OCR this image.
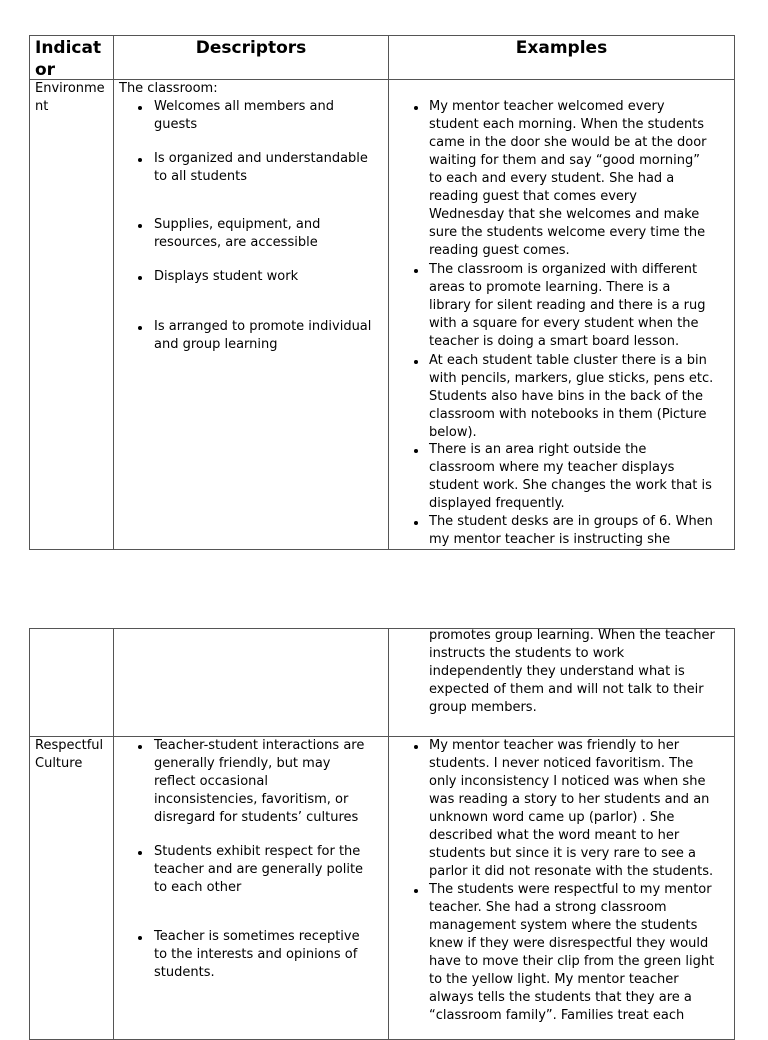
Indicat
or
Descriptors	Examples
Environme
nt
The classroom:
Welcomes all members and
guests
Is organized and understandable
to all students
Supplies, equipment, and
resources, are accessible
Displays student work
Is arranged to promote individual
and group learning
My mentor teacher welcomed every
student each morning. When the students
came in the door she would be at the door
waiting for them and say “good morning”
to each and every student. She had a
reading guest that comes every
Wednesday that she welcomes and make
sure the students welcome every time the
reading guest comes.
The classroom is organized with different
areas to promote learning. There is a
library for silent reading and there is a rug
with a square for every student when the
teacher is doing a smart board lesson.
At each student table cluster there is a bin
with pencils, markers, glue sticks, pens etc.
Students also have bins in the back of the
classroom with notebooks in them (Picture
below).
There is an area right outside the
classroom where my teacher displays
student work. She changes the work that is
displayed frequently.
The student desks are in groups of 6. When
my mentor teacher is instructing she
Respectful
Culture
promotes group learning. When the teacher
instructs the students to work
independently they understand what is
expected of them and will not talk to their
group members.
Teacher-student interactions are
generally friendly, but may
reflect occasional
inconsistencies, favoritism, or
disregard for students’ cultures
Students exhibit respect for the
teacher and are generally polite
to each other
Teacher is sometimes receptive
to the interests and opinions of
students.
My mentor teacher was friendly to her
students. I never noticed favoritism. The
only inconsistency I noticed was when she
was reading a story to her students and an
unknown word came up (parlor) . She
described what the word meant to her
students but since it is very rare to see a
parlor it did not resonate with the students.
The students were respectful to my mentor
teacher. She had a strong classroom
management system where the students
knew if they were disrespectful they would
have to move their clip from the green light
to the yellow light. My mentor teacher
always tells the students that they are a
“classroom family”. Families treat each
